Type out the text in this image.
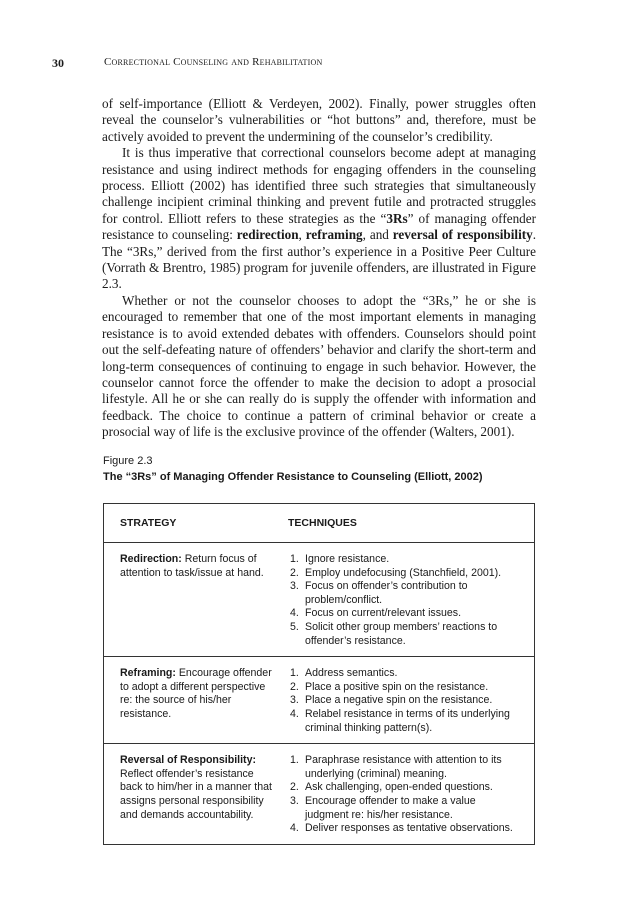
30	Correctional Counseling and Rehabilitation

of self-importance (Elliott & Verdeyen, 2002). Finally, power struggles often reveal the counselor’s vulnerabilities or “hot buttons” and, therefore, must be actively avoided to prevent the undermining of the counselor’s credibility.

It is thus imperative that correctional counselors become adept at managing resistance and using indirect methods for engaging offenders in the counseling process. Elliott (2002) has identified three such strategies that simultaneously challenge incipient criminal thinking and prevent futile and protracted struggles for control. Elliott refers to these strategies as the “3Rs” of managing offender resistance to counseling: redirection, reframing, and reversal of responsibility. The “3Rs,” derived from the first author’s experience in a Positive Peer Culture (Vorrath & Brentro, 1985) program for juvenile offenders, are illustrated in Figure 2.3.

Whether or not the counselor chooses to adopt the “3Rs,” he or she is encouraged to remember that one of the most important elements in managing resistance is to avoid extended debates with offenders. Counselors should point out the self-defeating nature of offenders’ behavior and clarify the short-term and long-term consequences of continuing to engage in such behavior. However, the counselor cannot force the offender to make the decision to adopt a prosocial lifestyle. All he or she can really do is supply the offender with information and feedback. The choice to continue a pattern of criminal behavior or create a prosocial way of life is the exclusive province of the offender (Walters, 2001).

Figure 2.3

The “3Rs” of Managing Offender Resistance to Counseling (Elliott, 2002)

STRATEGY	TECHNIQUES
Redirection: Return focus of attention to task/issue at hand.
1. Ignore resistance.
2. Employ undefocusing (Stanchfield, 2001).
3. Focus on offender’s contribution to problem/conflict.
4. Focus on current/relevant issues.
5. Solicit other group members’ reactions to offender’s resistance.
Reframing: Encourage offender to adopt a different perspective re: the source of his/her resistance.
1. Address semantics.
2. Place a positive spin on the resistance.
3. Place a negative spin on the resistance.
4. Relabel resistance in terms of its underlying criminal thinking pattern(s).
Reversal of Responsibility: Reflect offender’s resistance back to him/her in a manner that assigns personal responsibility and demands accountability.
1. Paraphrase resistance with attention to its underlying (criminal) meaning.
2. Ask challenging, open-ended questions.
3. Encourage offender to make a value judgment re: his/her resistance.
4. Deliver responses as tentative observations.
